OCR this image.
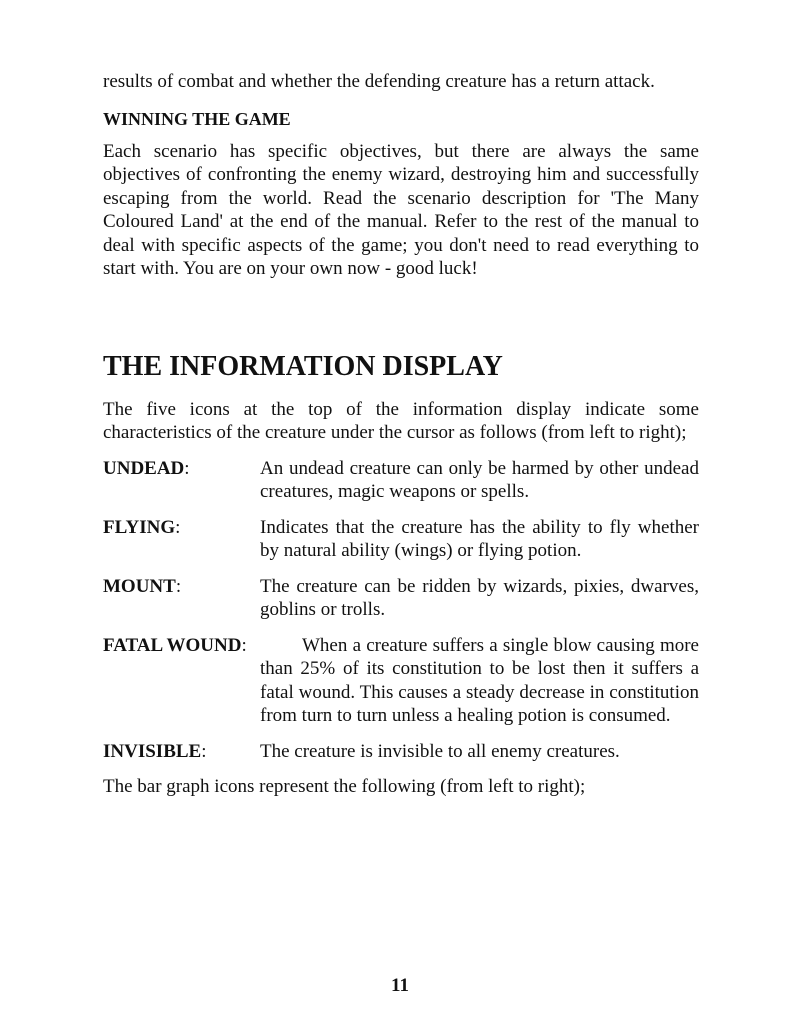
results of combat and whether the defending creature has a return attack.

WINNING THE GAME

Each scenario has specific objectives, but there are always the same objectives of confronting the enemy wizard, destroying him and successfully escaping from the world. Read the scenario description for 'The Many Coloured Land' at the end of the manual. Refer to the rest of the manual to deal with specific aspects of the game; you don't need to read everything to start with. You are on your own now - good luck!

THE INFORMATION DISPLAY

The five icons at the top of the information display indicate some characteristics of the creature under the cursor as follows (from left to right);

UNDEAD:	An undead creature can only be harmed by other undead creatures, magic weapons or spells.
FLYING:	Indicates that the creature has the ability to fly whether by natural ability (wings) or flying potion.
MOUNT:	The creature can be ridden by wizards, pixies, dwarves, goblins or trolls.
FATAL WOUND:	When a creature suffers a single blow causing more than 25% of its constitution to be lost then it suffers a fatal wound. This causes a steady decrease in constitution from turn to turn unless a healing potion is consumed.
INVISIBLE:	The creature is invisible to all enemy creatures.

The bar graph icons represent the following (from left to right);

11
